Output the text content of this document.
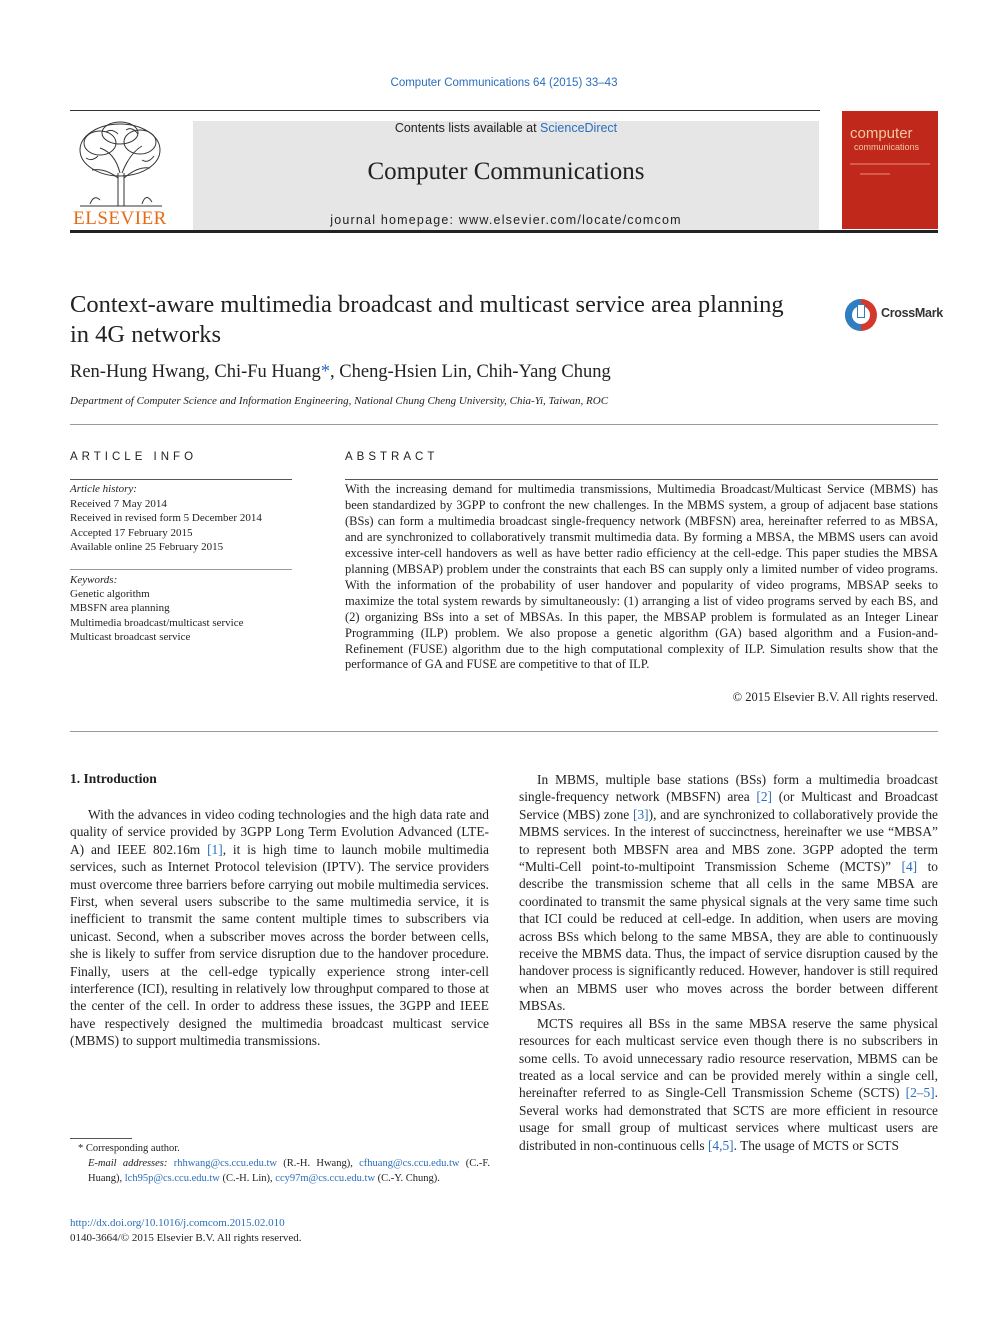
Computer Communications 64 (2015) 33–43
ELSEVIER
Contents lists available at ScienceDirect
Computer Communications
journal homepage: www.elsevier.com/locate/comcom
computer
communications
Context-aware multimedia broadcast and multicast service area planning in 4G networks
CrossMark
Ren-Hung Hwang, Chi-Fu Huang*, Cheng-Hsien Lin, Chih-Yang Chung
Department of Computer Science and Information Engineering, National Chung Cheng University, Chia-Yi, Taiwan, ROC
ARTICLE INFO	ABSTRACT
Article history:
Received 7 May 2014
Received in revised form 5 December 2014
Accepted 17 February 2015
Available online 25 February 2015
Keywords:
Genetic algorithm
MBSFN area planning
Multimedia broadcast/multicast service
Multicast broadcast service
With the increasing demand for multimedia transmissions, Multimedia Broadcast/Multicast Service (MBMS) has been standardized by 3GPP to confront the new challenges. In the MBMS system, a group of adjacent base stations (BSs) can form a multimedia broadcast single-frequency network (MBFSN) area, hereinafter referred to as MBSA, and are synchronized to collaboratively transmit multimedia data. By forming a MBSA, the MBMS users can avoid excessive inter-cell handovers as well as have better radio efficiency at the cell-edge. This paper studies the MBSA planning (MBSAP) problem under the constraints that each BS can supply only a limited number of video programs. With the information of the probability of user handover and popularity of video programs, MBSAP seeks to maximize the total system rewards by simultaneously: (1) arranging a list of video programs served by each BS, and (2) organizing BSs into a set of MBSAs. In this paper, the MBSAP problem is formulated as an Integer Linear Programming (ILP) problem. We also propose a genetic algorithm (GA) based algorithm and a Fusion-and-Refinement (FUSE) algorithm due to the high computational complexity of ILP. Simulation results show that the performance of GA and FUSE are competitive to that of ILP.
© 2015 Elsevier B.V. All rights reserved.
1. Introduction

With the advances in video coding technologies and the high data rate and quality of service provided by 3GPP Long Term Evolution Advanced (LTE-A) and IEEE 802.16m [1], it is high time to launch mobile multimedia services, such as Internet Protocol television (IPTV). The service providers must overcome three barriers before carrying out mobile multimedia services. First, when several users subscribe to the same multimedia service, it is inefficient to transmit the same content multiple times to subscribers via unicast. Second, when a subscriber moves across the border between cells, she is likely to suffer from service disruption due to the handover procedure. Finally, users at the cell-edge typically experience strong inter-cell interference (ICI), resulting in relatively low throughput compared to those at the center of the cell. In order to address these issues, the 3GPP and IEEE have respectively designed the multimedia broadcast multicast service (MBMS) to support multimedia transmissions.

In MBMS, multiple base stations (BSs) form a multimedia broadcast single-frequency network (MBSFN) area [2] (or Multicast and Broadcast Service (MBS) zone [3]), and are synchronized to collaboratively provide the MBMS services. In the interest of succinctness, hereinafter we use “MBSA” to represent both MBSFN area and MBS zone. 3GPP adopted the term “Multi-Cell point-to-multipoint Transmission Scheme (MCTS)” [4] to describe the transmission scheme that all cells in the same MBSA are coordinated to transmit the same physical signals at the very same time such that ICI could be reduced at cell-edge. In addition, when users are moving across BSs which belong to the same MBSA, they are able to continuously receive the MBMS data. Thus, the impact of service disruption caused by the handover process is significantly reduced. However, handover is still required when an MBMS user who moves across the border between different MBSAs.

MCTS requires all BSs in the same MBSA reserve the same physical resources for each multicast service even though there is no subscribers in some cells. To avoid unnecessary radio resource reservation, MBMS can be treated as a local service and can be provided merely within a single cell, hereinafter referred to as Single-Cell Transmission Scheme (SCTS) [2–5]. Several works had demonstrated that SCTS are more efficient in resource usage for small group of multicast services where multicast users are distributed in non-continuous cells [4,5]. The usage of MCTS or SCTS

* Corresponding author.
E-mail addresses: rhhwang@cs.ccu.edu.tw (R.-H. Hwang), cfhuang@cs.ccu.edu.tw (C.-F. Huang), lch95p@cs.ccu.edu.tw (C.-H. Lin), ccy97m@cs.ccu.edu.tw (C.-Y. Chung).
http://dx.doi.org/10.1016/j.comcom.2015.02.010
0140-3664/© 2015 Elsevier B.V. All rights reserved.
